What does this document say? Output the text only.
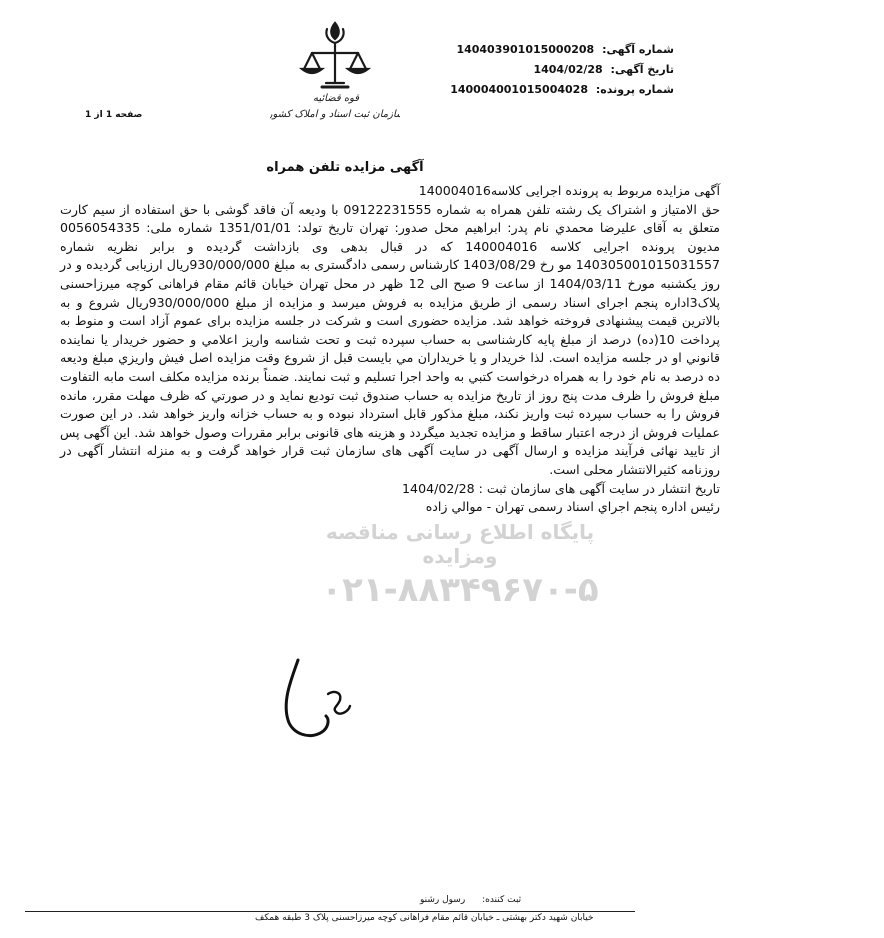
شماره آگهی: 140403901015000208
تاریخ آگهی: 1404/02/28
شماره پرونده: 140004001015004028
صفحه 1 از 1
قوه قضائیه
سازمان ثبت اسناد و املاک کشور
آگهی مزایده تلفن همراه

آگهی مزایده مربوط به پرونده اجرایی کلاسه140004016

حق الامتیاز و اشتراک یک رشته تلفن همراه به شماره 09122231555 با ودیعه آن فاقد گوشی با حق استفاده از سیم کارت متعلق به آقای علیرضا محمدي نام پدر: ابراهیم محل صدور: تهران تاریخ تولد: 1351/01/01 شماره ملی: 0056054335 مدیون پرونده اجرایی کلاسه 140004016 که در قبال بدهی وی بازداشت گردیده و برابر نظریه شماره 140305001015031557 مو رخ 1403/08/29 کارشناس رسمی دادگستری به مبلغ 930/000/000ریال ارزیابی گردیده و در روز یکشنبه مورخ 1404/03/11 از ساعت 9 صبح الی 12 ظهر در محل تهران خیابان قائم مقام فراهانی کوچه میرزاحسنی پلاک3اداره پنجم اجرای اسناد رسمی از طریق مزایده به فروش میرسد و مزایده از مبلغ 930/000/000ریال شروع و به بالاترین قیمت پیشنهادی فروخته خواهد شد. مزایده حضوری است و شرکت در جلسه مزایده برای عموم آزاد است و منوط به پرداخت 10(ده) درصد از مبلغ پایه کارشناسی به حساب سپرده ثبت و تحت شناسه واریز اعلامي و حضور خریدار یا نماینده قانوني او در جلسه مزایده است. لذا خریدار و یا خریداران مي بایست قبل از شروع وقت مزایده اصل فیش واریزي مبلغ ودیعه ده درصد به نام خود را به همراه درخواست کتبي به واحد اجرا تسلیم و ثبت نمایند. ضمناً برنده مزایده مکلف است مابه التفاوت مبلغ فروش را ظرف مدت پنج روز از تاریخ مزایده به حساب صندوق ثبت تودیع نماید و در صورتي که ظرف مهلت مقرر، مانده فروش را به حساب سپرده ثبت واریز نکند، مبلغ مذکور قابل استرداد نبوده و به حساب خزانه واریز خواهد شد. در این صورت عملیات فروش از درجه اعتبار ساقط و مزایده تجدید میگردد و هزینه های قانونی برابر مقررات وصول خواهد شد. این آگهی پس از تایید نهائی فرآیند مزایده و ارسال آگهی در سایت آگهی های سازمان ثبت قرار خواهد گرفت و به منزله انتشار آگهی در روزنامه کثیرالانتشار محلی است.

تاریخ انتشار در سایت آگهی های سازمان ثبت : 1404/02/28

رئیس اداره پنجم اجراي اسناد رسمی تهران - موالي زاده

پایگاه اطلاع رسانی مناقصه ومزایده
۰۲۱-۸۸۳۴۹۶۷۰-۵
ثبت کننده: رسول رشنو
خیابان شهید دکتر بهشتی ـ خیابان قائم مقام فراهانی کوچه میرزاحسنی پلاک 3 طبقه همکف
